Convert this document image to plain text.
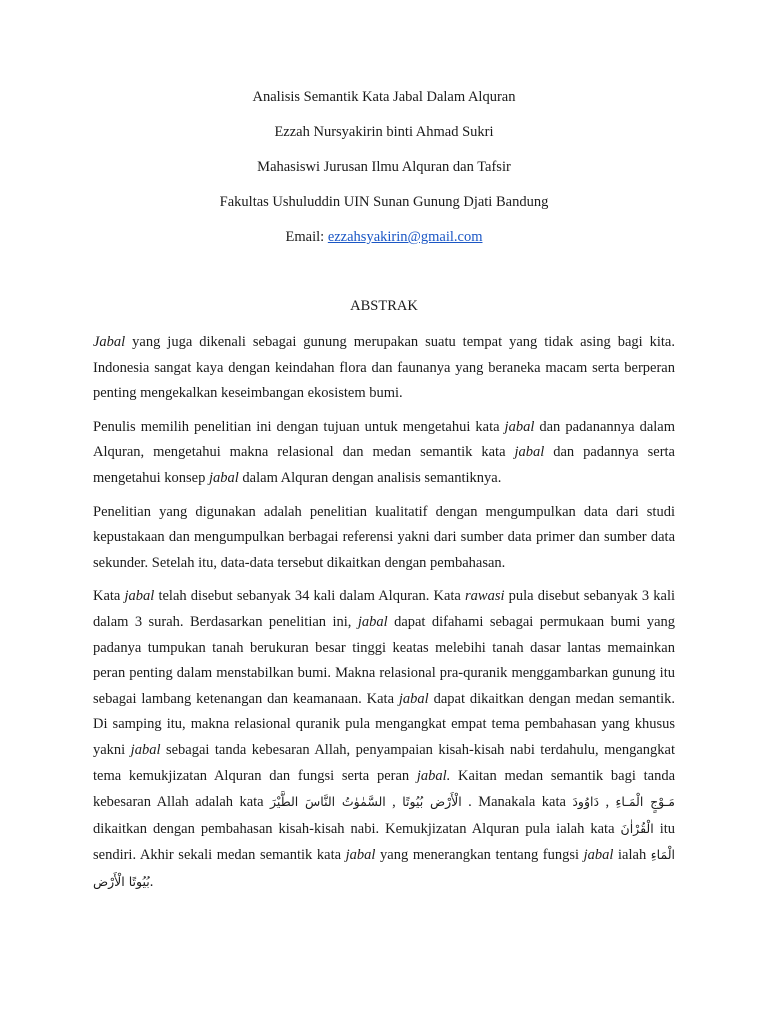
Analisis Semantik Kata Jabal Dalam Alquran
Ezzah Nursyakirin binti Ahmad Sukri
Mahasiswi Jurusan Ilmu Alquran dan Tafsir
Fakultas Ushuluddin UIN Sunan Gunung Djati Bandung
Email: ezzahsyakirin@gmail.com
ABSTRAK

Jabal yang juga dikenali sebagai gunung merupakan suatu tempat yang tidak asing bagi kita. Indonesia sangat kaya dengan keindahan flora dan faunanya yang beraneka macam serta berperan penting mengekalkan keseimbangan ekosistem bumi.

Penulis memilih penelitian ini dengan tujuan untuk mengetahui kata jabal dan padanannya dalam Alquran, mengetahui makna relasional dan medan semantik kata jabal dan padannya serta mengetahui konsep jabal dalam Alquran dengan analisis semantiknya.

Penelitian yang digunakan adalah penelitian kualitatif dengan mengumpulkan data dari studi kepustakaan dan mengumpulkan berbagai referensi yakni dari sumber data primer dan sumber data sekunder. Setelah itu, data-data tersebut dikaitkan dengan pembahasan.

Kata jabal telah disebut sebanyak 34 kali dalam Alquran. Kata rawasi pula disebut sebanyak 3 kali dalam 3 surah. Berdasarkan penelitian ini, jabal dapat difahami sebagai permukaan bumi yang padanya tumpukan tanah berukuran besar tinggi keatas melebihi tanah dasar lantas memainkan peran penting dalam menstabilkan bumi. Makna relasional pra-quranik menggambarkan gunung itu sebagai lambang ketenangan dan keamanaan. Kata jabal dapat dikaitkan dengan medan semantik. Di samping itu, makna relasional quranik pula mengangkat empat tema pembahasan yang khusus yakni jabal sebagai tanda kebesaran Allah, penyampaian kisah-kisah nabi terdahulu, mengangkat tema kemukjizatan Alquran dan fungsi serta peran jabal. Kaitan medan semantik bagi tanda kebesaran Allah adalah kata	الْأَرْض بُيُوتًا , السَّمٰوٰتُ النَّاسَ الطَّيْرَ	. Manakala kata	مَـوْجٍ الْمَـاءِ , دَاوُودَ dikaitkan dengan pembahasan kisah-kisah nabi. Kemukjizatan Alquran pula ialah kata الْقُرْاٰنَ itu sendiri. Akhir sekali medan semantik kata jabal yang menerangkan tentang fungsi jabal ialah الْمَاءِ بُيُوتًا الْأَرْض.
